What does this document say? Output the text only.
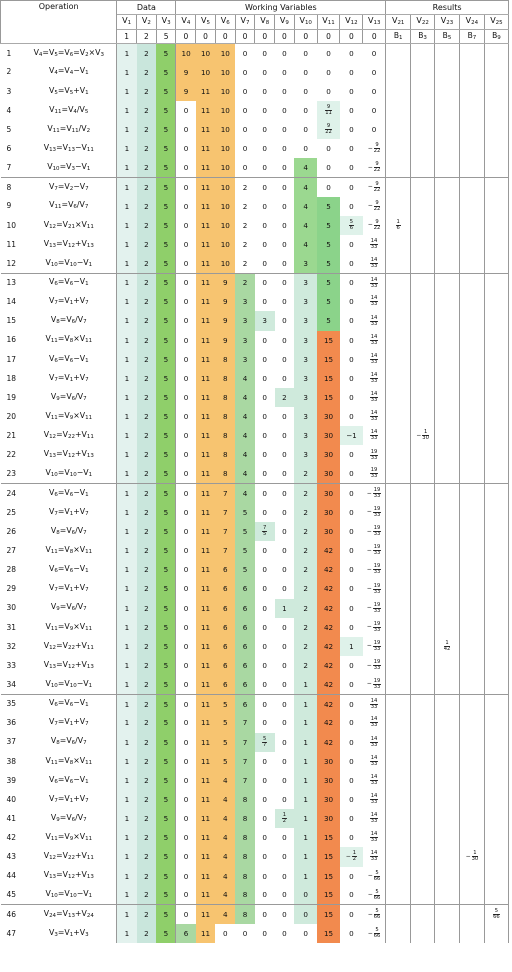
Operation		Data			Working Variables										Results				
		V1	V2	V3	V4	V5	V6	V7	V8	V9	V10	V11	V12	V13	V21	V22	V23	V24	V25
		1	2	5	0	0	0	0	0	0	0	0	0	0	B1	B3	B5	B7	B9
1	V4=V5=V6=V2×V3	1	2	5	10	10	10	0	0	0	0	0	0	0					
2	V4=V4−V1	1	2	5	9	10	10	0	0	0	0	0	0	0					
3	V5=V5+V1	1	2	5	9	11	10	0	0	0	0	0	0	0					
4	V11=V4/V5	1	2	5	0	11	10	0	0	0	0	$\frac{9}{11}$	0	0					
5	V11=V11/V2	1	2	5	0	11	10	0	0	0	0	$\frac{9}{22}$	0	0					
6	V13=V13−V11	1	2	5	0	11	10	0	0	0	0	0	0	− $\frac{9}{22}$

7	V10=V3−V1	1	2	5	0	11	10	0	0	0	4	0	0	− $\frac{9}{22}$

8	V7=V2−V7	1	2	5	0	11	10	2	0	0	4	0	0	− $\frac{9}{22}$

9	V11=V6/V7	1	2	5	0	11	10	2	0	0	4	5	0	− $\frac{9}{22}$

10	V12=V21×V11	1	2	5	0	11	10	2	0	0	4	5	$\frac{5}{6}$	− $\frac{9}{22}$	$\frac{1}{6}$

11	V13=V12+V13	1	2	5	0	11	10	2	0	0	4	5	0	$\frac{14}{33}$

12	V10=V10−V1	1	2	5	0	11	10	2	0	0	3	5	0	$\frac{14}{33}$

13	V6=V6−V1	1	2	5	0	11	9	2	0	0	3	5	0	$\frac{14}{33}$

14	V7=V1+V7	1	2	5	0	11	9	3	0	0	3	5	0	$\frac{14}{33}$

15	V8=V6/V7	1	2	5	0	11	9	3	3	0	3	5	0	$\frac{14}{33}$

16	V11=V8×V11	1	2	5	0	11	9	3	0	0	3	15	0	$\frac{14}{33}$

17	V6=V6−V1	1	2	5	0	11	8	3	0	0	3	15	0	$\frac{14}{33}$

18	V7=V1+V7	1	2	5	0	11	8	4	0	0	3	15	0	$\frac{14}{33}$

19	V9=V6/V7	1	2	5	0	11	8	4	0	2	3	15	0	$\frac{14}{33}$

20	V11=V9×V11	1	2	5	0	11	8	4	0	0	3	30	0	$\frac{14}{33}$

21	V12=V22+V11	1	2	5	0	11	8	4	0	0	3	30	−1	$\frac{14}{33}$		− $\frac{1}{30}$

22	V13=V12+V13	1	2	5	0	11	8	4	0	0	3	30	0	$\frac{19}{33}$

23	V10=V10−V1	1	2	5	0	11	8	4	0	0	2	30	0	$\frac{19}{33}$

24	V6=V6−V1	1	2	5	0	11	7	4	0	0	2	30	0	− $\frac{19}{33}$

25	V7=V1+V7	1	2	5	0	11	7	5	0	0	2	30	0	− $\frac{19}{33}$

26	V8=V6/V7	1	2	5	0	11	7	5	$\frac{7}{5}$	0	2	30	0	− $\frac{19}{33}$

27	V11=V8×V11	1	2	5	0	11	7	5	0	0	2	42	0	− $\frac{19}{33}$

28	V6=V6−V1	1	2	5	0	11	6	5	0	0	2	42	0	− $\frac{19}{33}$

29	V7=V1+V7	1	2	5	0	11	6	6	0	0	2	42	0	− $\frac{19}{33}$

30	V9=V6/V7	1	2	5	0	11	6	6	0	1	2	42	0	− $\frac{19}{33}$

31	V11=V9×V11	1	2	5	0	11	6	6	0	0	2	42	0	− $\frac{19}{33}$

32	V12=V22+V11	1	2	5	0	11	6	6	0	0	2	42	1	− $\frac{19}{33}$			$\frac{1}{42}$

33	V13=V12+V13	1	2	5	0	11	6	6	0	0	2	42	0	− $\frac{19}{33}$

34	V10=V10−V1	1	2	5	0	11	6	6	0	0	1	42	0	− $\frac{19}{33}$

35	V6=V6−V1	1	2	5	0	11	5	6	0	0	1	42	0	$\frac{14}{33}$

36	V7=V1+V7	1	2	5	0	11	5	7	0	0	1	42	0	$\frac{14}{33}$

37	V8=V6/V7	1	2	5	0	11	5	7	$\frac{5}{7}$	0	1	42	0	$\frac{14}{33}$

38	V11=V8×V11	1	2	5	0	11	5	7	0	0	1	30	0	$\frac{14}{33}$

39	V6=V6−V1	1	2	5	0	11	4	7	0	0	1	30	0	$\frac{14}{33}$

40	V7=V1+V7	1	2	5	0	11	4	8	0	0	1	30	0	$\frac{14}{33}$

41	V9=V6/V7	1	2	5	0	11	4	8	0	$\frac{1}{2}$	1	30	0	$\frac{14}{33}$

42	V11=V9×V11	1	2	5	0	11	4	8	0	0	1	15	0	$\frac{14}{33}$

43	V12=V22+V11	1	2	5	0	11	4	8	0	0	1	15	− $\frac{1}{2}$	$\frac{14}{33}$				− $\frac{1}{30}$

44	V13=V12+V13	1	2	5	0	11	4	8	0	0	1	15	0	− $\frac{5}{66}$

45	V10=V10−V1	1	2	5	0	11	4	8	0	0	0	15	0	− $\frac{5}{66}$

46	V24=V13+V24	1	2	5	0	11	4	8	0	0	0	15	0	− $\frac{5}{66}$					$\frac{5}{66}$

47	V3=V1+V3	1	2	5	6	11	0	0	0	0	0	15	0	− $\frac{5}{66}$
